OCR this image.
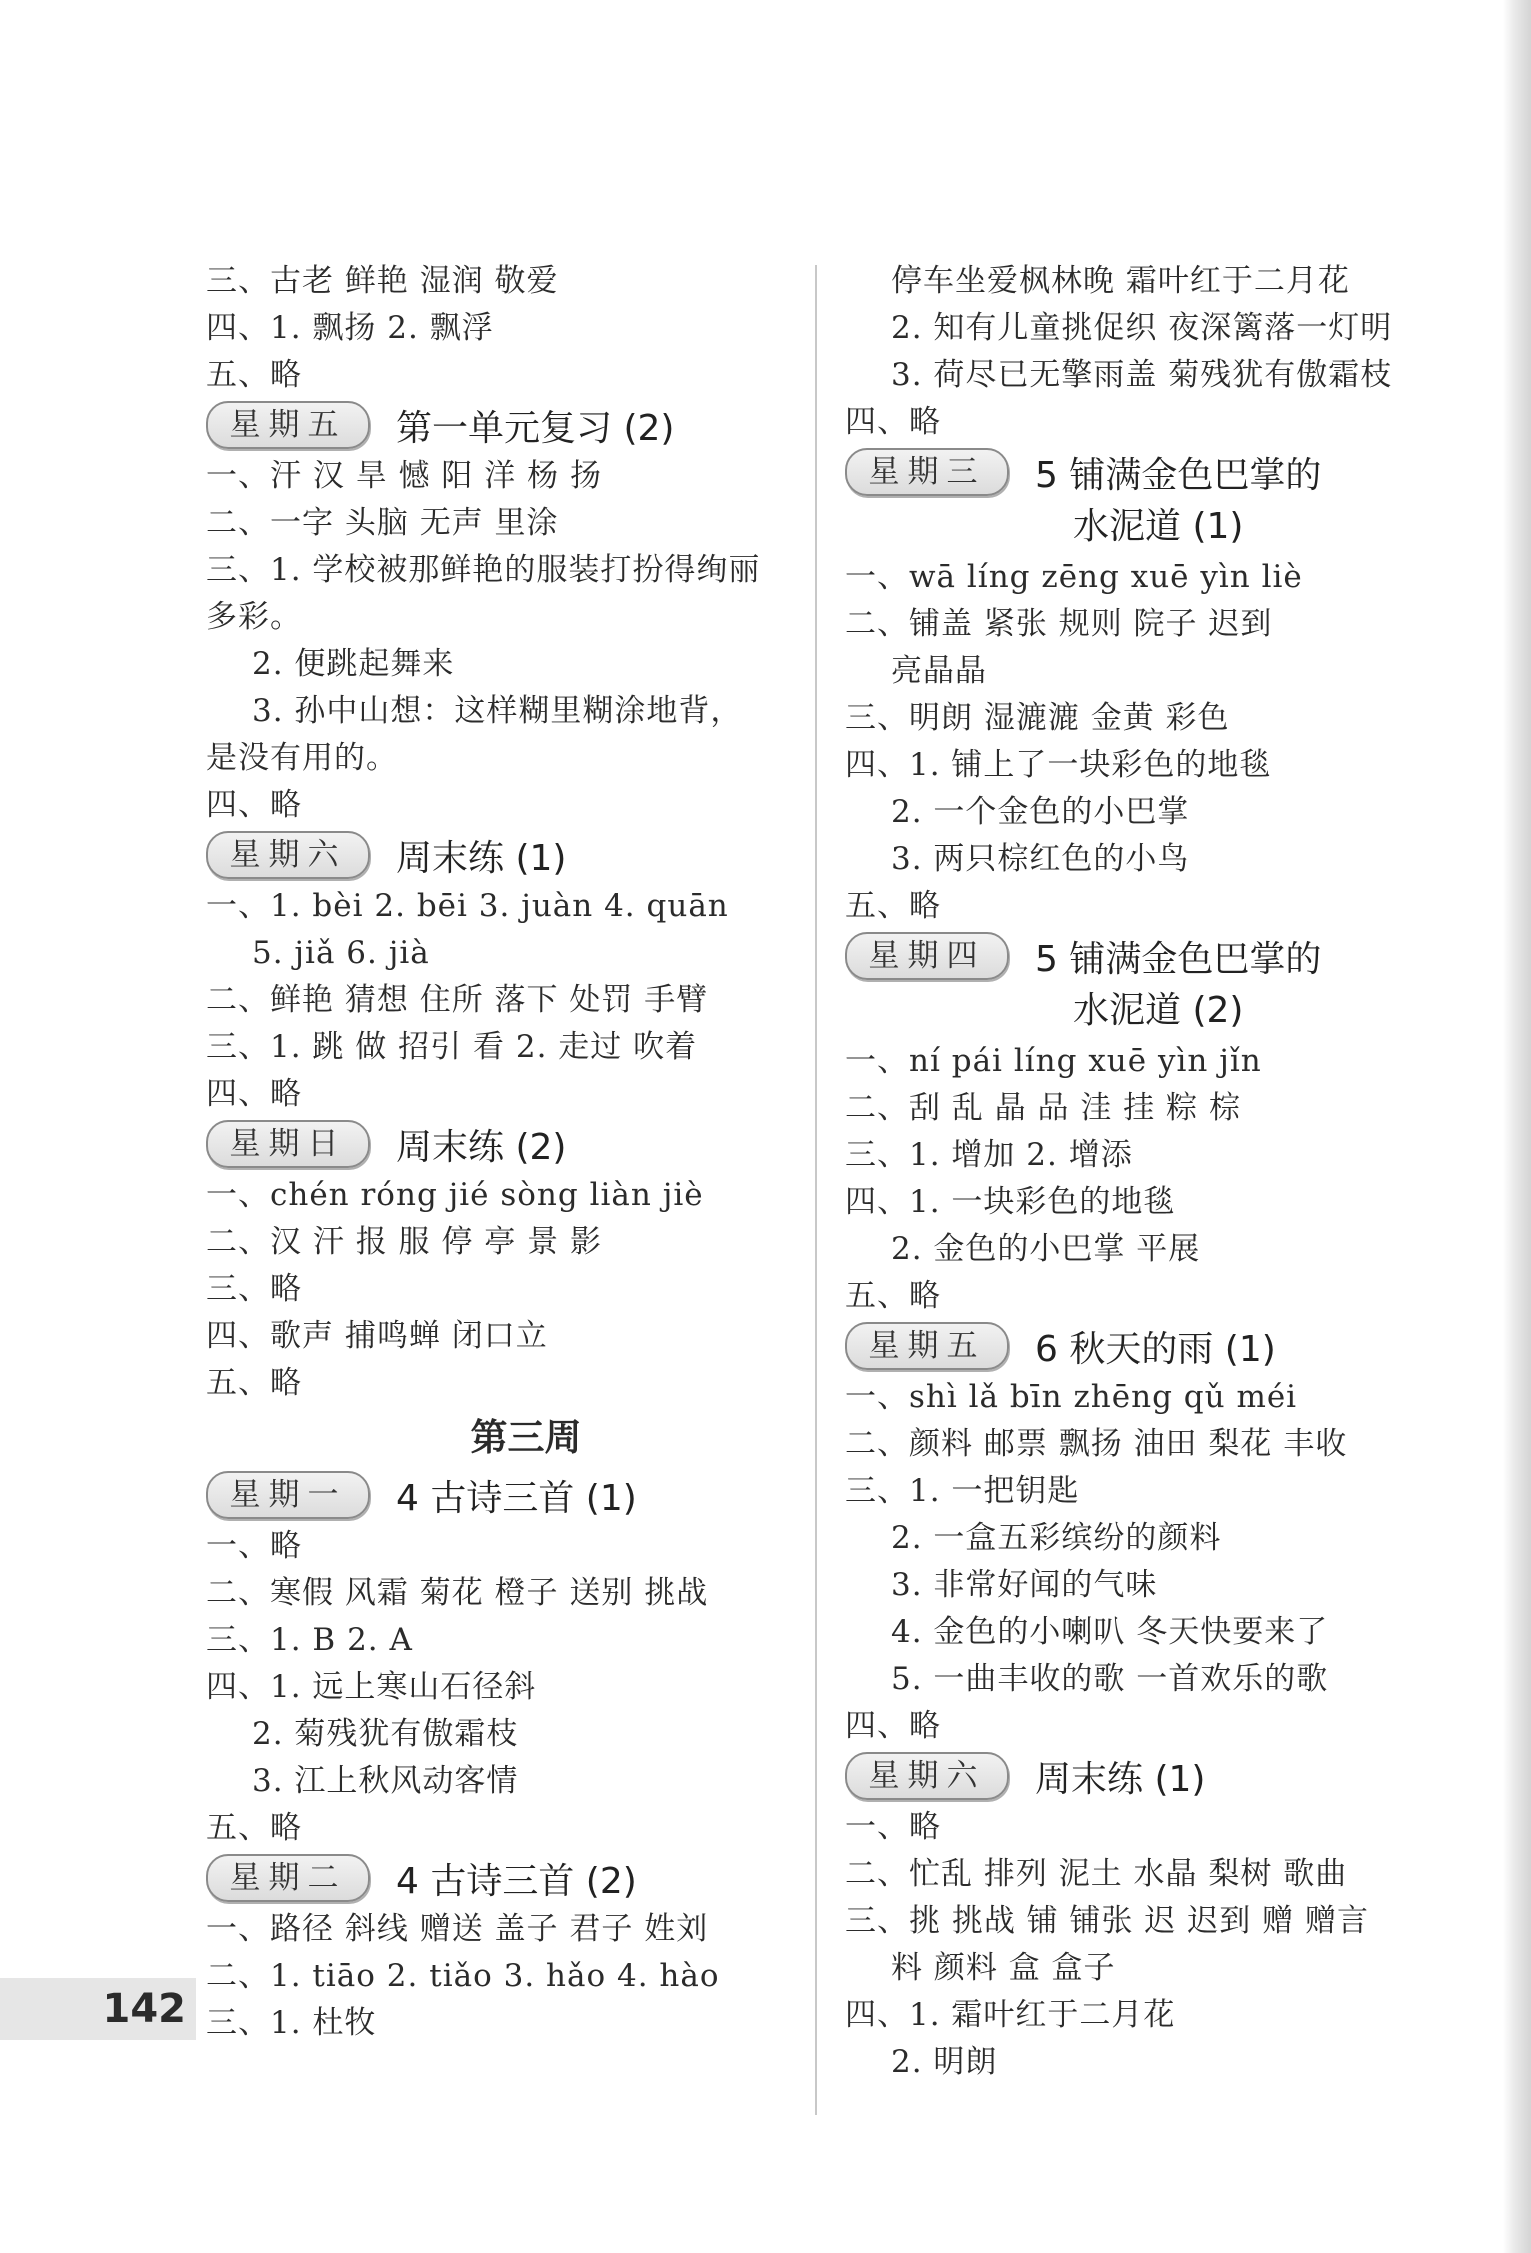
三、古老 鲜艳 湿润 敬爱
四、1. 飘扬 2. 飘浮
五、略
星期五	第一单元复习 (2)
一、汗 汉 旱 憾 阳 洋 杨 扬
二、一字 头脑 无声 里涂
三、1. 学校被那鲜艳的服装打扮得绚丽
多彩。
2. 便跳起舞来
3. 孙中山想：这样糊里糊涂地背，
是没有用的。
四、略
星期六	周末练 (1)
一、1. bèi 2. bēi 3. juàn 4. quān
5. jiǎ 6. jià
二、鲜艳 猜想 住所 落下 处罚 手臂
三、1. 跳 做 招引 看 2. 走过 吹着
四、略
星期日	周末练 (2)
一、chén róng jié sòng liàn jiè
二、汉 汗 报 服 停 亭 景 影
三、略
四、歌声 捕鸣蝉 闭口立
五、略
第三周
星期一	4 古诗三首 (1)
一、略
二、寒假 风霜 菊花 橙子 送别 挑战
三、1. B 2. A
四、1. 远上寒山石径斜
2. 菊残犹有傲霜枝
3. 江上秋风动客情
五、略
星期二	4 古诗三首 (2)
一、路径 斜线 赠送 盖子 君子 姓刘
二、1. tiāo 2. tiǎo 3. hǎo 4. hào
三、1. 杜牧
停车坐爱枫林晚 霜叶红于二月花
2. 知有儿童挑促织 夜深篱落一灯明
3. 荷尽已无擎雨盖 菊残犹有傲霜枝
四、略
星期三	5 铺满金色巴掌的
水泥道 (1)
一、wā líng zēng xuē yìn liè
二、铺盖 紧张 规则 院子 迟到
亮晶晶
三、明朗 湿漉漉 金黄 彩色
四、1. 铺上了一块彩色的地毯
2. 一个金色的小巴掌
3. 两只棕红色的小鸟
五、略
星期四	5 铺满金色巴掌的
水泥道 (2)
一、ní pái líng xuē yìn jǐn
二、刮 乱 晶 品 洼 挂 粽 棕
三、1. 增加 2. 增添
四、1. 一块彩色的地毯
2. 金色的小巴掌 平展
五、略
星期五	6 秋天的雨 (1)
一、shì lǎ bīn zhēng qǔ méi
二、颜料 邮票 飘扬 油田 梨花 丰收
三、1. 一把钥匙
2. 一盒五彩缤纷的颜料
3. 非常好闻的气味
4. 金色的小喇叭 冬天快要来了
5. 一曲丰收的歌 一首欢乐的歌
四、略
星期六	周末练 (1)
一、略
二、忙乱 排列 泥土 水晶 梨树 歌曲
三、挑 挑战 铺 铺张 迟 迟到 赠 赠言
料 颜料 盒 盒子
四、1. 霜叶红于二月花
2. 明朗
142
